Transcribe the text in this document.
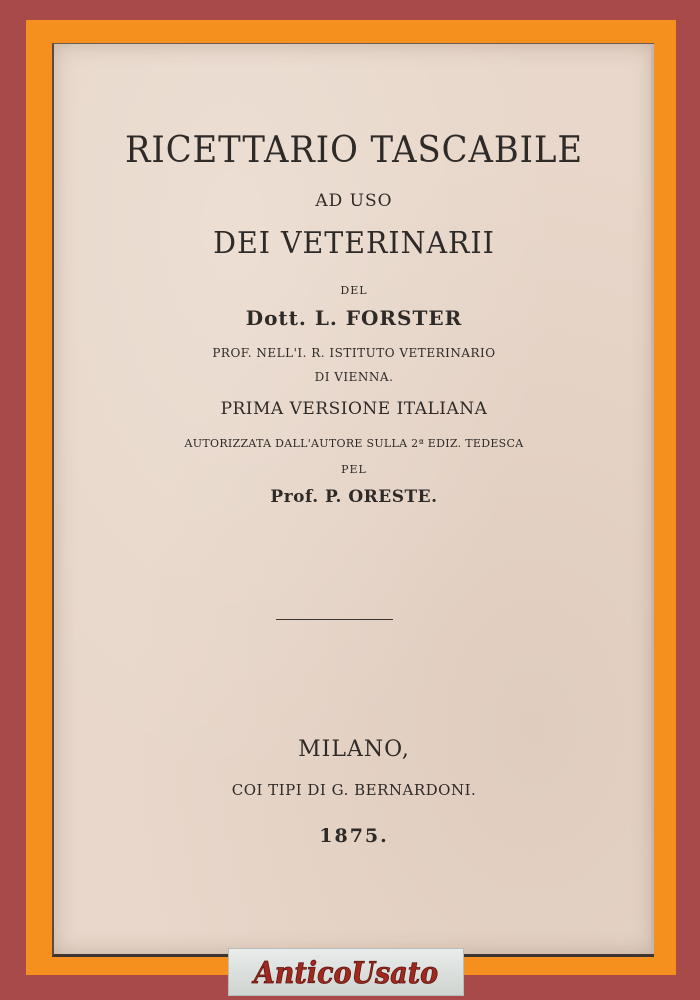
RICETTARIO TASCABILE
AD USO
DEI VETERINARII
DEL
Dott. L. FORSTER
PROF. NELL'I. R. ISTITUTO VETERINARIO
DI VIENNA.
PRIMA VERSIONE ITALIANA
AUTORIZZATA DALL'AUTORE SULLA 2ª EDIZ. TEDESCA
PEL
Prof. P. ORESTE.
MILANO,
COI TIPI DI G. BERNARDONI.
1875.
AnticoUsato
